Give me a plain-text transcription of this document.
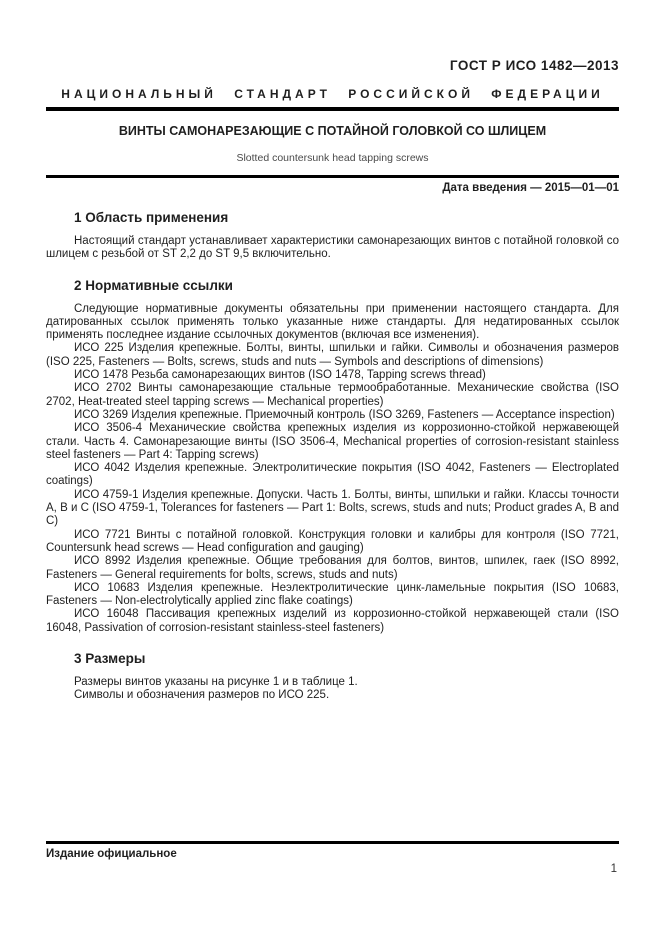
ГОСТ Р ИСО 1482—2013
НАЦИОНАЛЬНЫЙ СТАНДАРТ РОССИЙСКОЙ ФЕДЕРАЦИИ
ВИНТЫ САМОНАРЕЗАЮЩИЕ С ПОТАЙНОЙ ГОЛОВКОЙ СО ШЛИЦЕМ
Slotted countersunk head tapping screws
Дата введения — 2015—01—01
1 Область применения

Настоящий стандарт устанавливает характеристики самонарезающих винтов с потайной головкой со шлицем с резьбой от ST 2,2 до ST 9,5 включительно.

2 Нормативные ссылки

Следующие нормативные документы обязательны при применении настоящего стандарта. Для датированных ссылок применять только указанные ниже стандарты. Для недатированных ссылок применять последнее издание ссылочных документов (включая все изменения).

ИСО 225 Изделия крепежные. Болты, винты, шпильки и гайки. Символы и обозначения размеров (ISO 225, Fasteners — Bolts, screws, studs and nuts — Symbols and descriptions of dimensions)

ИСО 1478 Резьба самонарезающих винтов (ISO 1478, Tapping screws thread)

ИСО 2702 Винты самонарезающие стальные термообработанные. Механические свойства (ISO 2702, Heat-treated steel tapping screws — Mechanical properties)

ИСО 3269 Изделия крепежные. Приемочный контроль (ISO 3269, Fasteners — Acceptance inspection)

ИСО 3506-4 Механические свойства крепежных изделия из коррозионно-стойкой нержавеющей стали. Часть 4. Самонарезающие винты (ISO 3506-4, Mechanical properties of corrosion-resistant stainless steel fasteners — Part 4: Tapping screws)

ИСО 4042 Изделия крепежные. Электролитические покрытия (ISO 4042, Fasteners — Electroplated coatings)

ИСО 4759-1 Изделия крепежные. Допуски. Часть 1. Болты, винты, шпильки и гайки. Классы точности А, В и С (ISO 4759-1, Tolerances for fasteners — Part 1: Bolts, screws, studs and nuts; Product grades A, B and C)

ИСО 7721 Винты с потайной головкой. Конструкция головки и калибры для контроля (ISO 7721, Countersunk head screws — Head configuration and gauging)

ИСО 8992 Изделия крепежные. Общие требования для болтов, винтов, шпилек, гаек (ISO 8992, Fasteners — General requirements for bolts, screws, studs and nuts)

ИСО 10683 Изделия крепежные. Неэлектролитические цинк-ламельные покрытия (ISO 10683, Fasteners — Non-electrolytically applied zinc flake coatings)

ИСО 16048 Пассивация крепежных изделий из коррозионно-стойкой нержавеющей стали (ISO 16048, Passivation of corrosion-resistant stainless-steel fasteners)

3 Размеры

Размеры винтов указаны на рисунке 1 и в таблице 1.

Символы и обозначения размеров по ИСО 225.

Издание официальное
1
